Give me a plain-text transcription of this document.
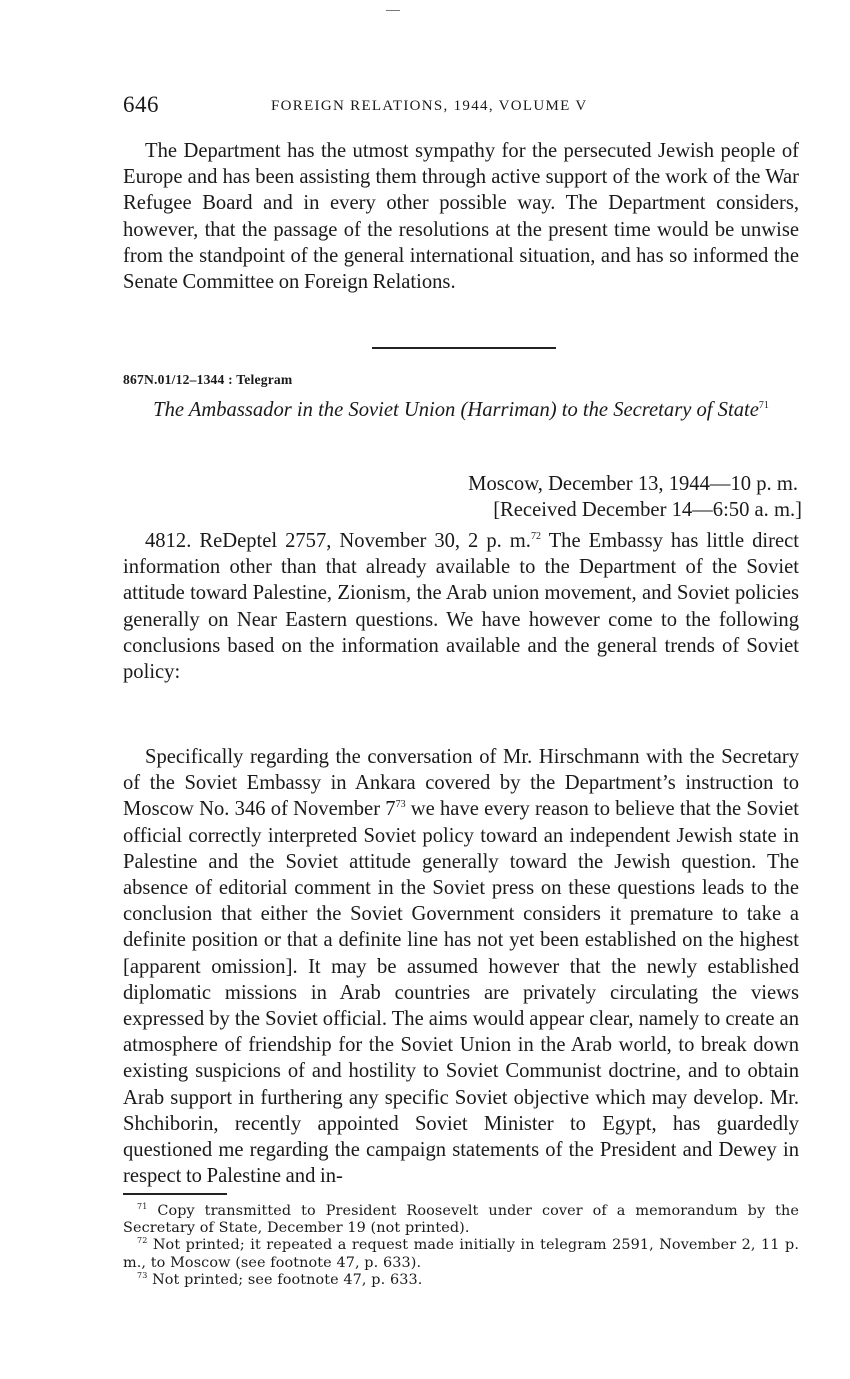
646	FOREIGN RELATIONS, 1944, VOLUME V

The Department has the utmost sympathy for the persecuted Jewish people of Europe and has been assisting them through active support of the work of the War Refugee Board and in every other possible way. The Department considers, however, that the passage of the resolutions at the present time would be unwise from the standpoint of the general international situation, and has so informed the Senate Committee on Foreign Relations.

867N.01/12–1344 : Telegram

The Ambassador in the Soviet Union (Harriman) to the Secretary of State$^{71}$

Moscow, December 13, 1944—10 p. m.
[Received December 14—6:50 a. m.]

4812. ReDeptel 2757, November 30, 2 p. m.$^{72}$ The Embassy has little direct information other than that already available to the Department of the Soviet attitude toward Palestine, Zionism, the Arab union movement, and Soviet policies generally on Near Eastern questions. We have however come to the following conclusions based on the information available and the general trends of Soviet policy:

Specifically regarding the conversation of Mr. Hirschmann with the Secretary of the Soviet Embassy in Ankara covered by the Department’s instruction to Moscow No. 346 of November $7^{73}$ we have every reason to believe that the Soviet official correctly interpreted Soviet policy toward an independent Jewish state in Palestine and the Soviet attitude generally toward the Jewish question. The absence of editorial comment in the Soviet press on these questions leads to the conclusion that either the Soviet Government considers it premature to take a definite position or that a definite line has not yet been established on the highest [apparent omission]. It may be assumed however that the newly established diplomatic missions in Arab countries are privately circulating the views expressed by the Soviet official. The aims would appear clear, namely to create an atmosphere of friendship for the Soviet Union in the Arab world, to break down existing suspicions of and hostility to Soviet Communist doctrine, and to obtain Arab support in furthering any specific Soviet objective which may develop. Mr. Shchiborin, recently appointed Soviet Minister to Egypt, has guardedly questioned me regarding the campaign statements of the President and Dewey in respect to Palestine and in-

$^{71}$ Copy transmitted to President Roosevelt under cover of a memorandum by the Secretary of State, December 19 (not printed).

$^{72}$ Not printed; it repeated a request made initially in telegram 2591, November 2, 11 p. m., to Moscow (see footnote 47, p. 633).

$^{73}$ Not printed; see footnote 47, p. 633.
